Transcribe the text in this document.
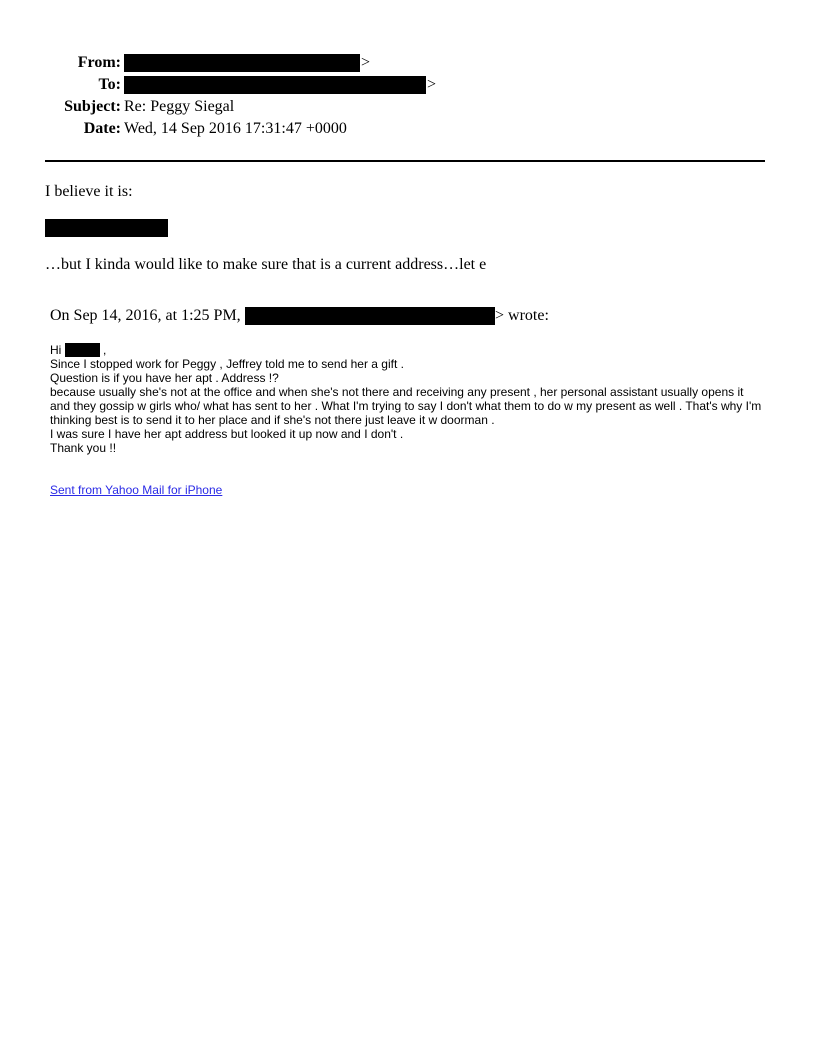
From:	>
To:	>
Subject: Re: Peggy Siegal
Date: Wed, 14 Sep 2016 17:31:47 +0000
I believe it is:
…but I kinda would like to make sure that is a current address…let e
On Sep 14, 2016, at 1:25 PM,	> wrote:
Hi	,
Since I stopped work for Peggy , Jeffrey told me to send her a gift .
Question is if you have her apt . Address !?
because usually she's not at the office and when she's not there and receiving any present , her personal assistant usually opens it
and they gossip w girls who/ what has sent to her . What I'm trying to say I don't what them to do w my present as well . That's why I'm
thinking best is to send it to her place and if she's not there just leave it w doorman .
I was sure I have her apt address but looked it up now and I don't .
Thank you !!
Sent from Yahoo Mail for iPhone
